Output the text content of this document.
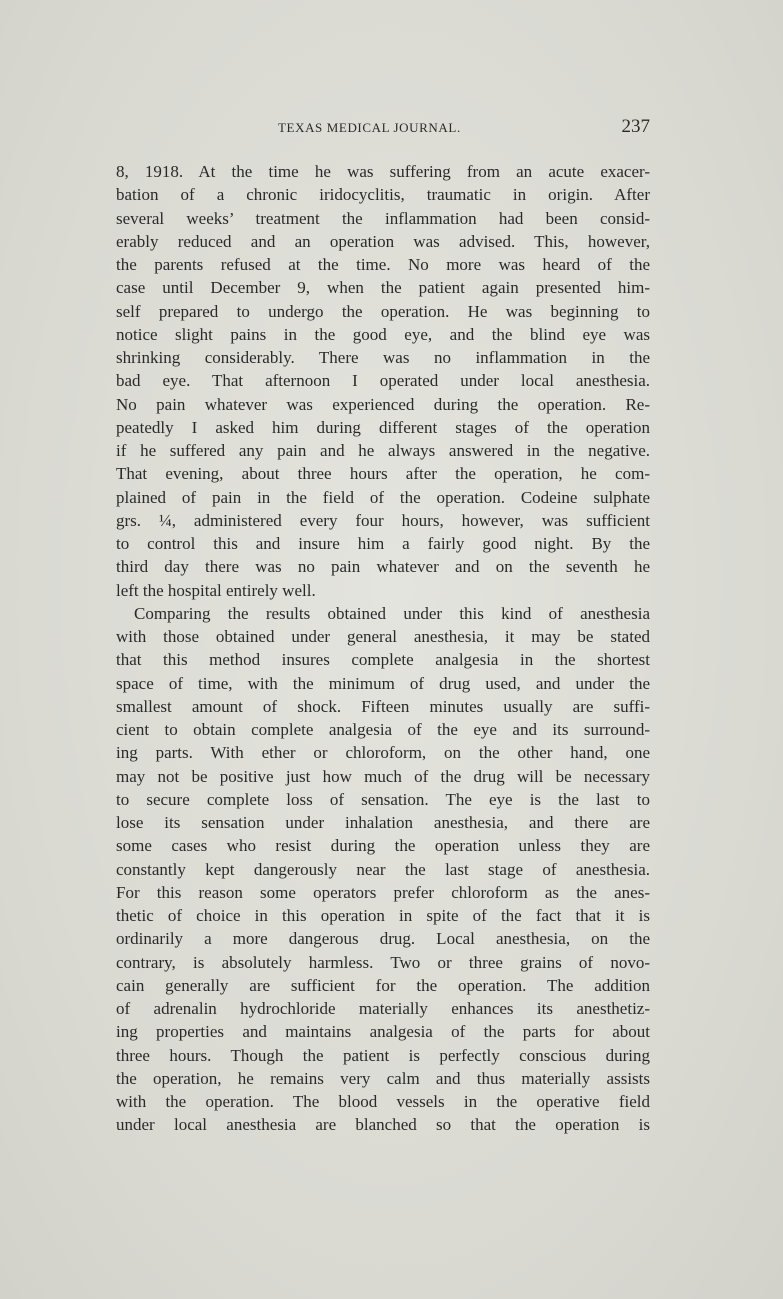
TEXAS MEDICAL JOURNAL.	237
8, 1918. At the time he was suffering from an acute exacer-
bation of a chronic iridocyclitis, traumatic in origin. After
several weeks’ treatment the inflammation had been consid-
erably reduced and an operation was advised. This, however,
the parents refused at the time. No more was heard of the
case until December 9, when the patient again presented him-
self prepared to undergo the operation. He was beginning to
notice slight pains in the good eye, and the blind eye was
shrinking considerably. There was no inflammation in the
bad eye. That afternoon I operated under local anesthesia.
No pain whatever was experienced during the operation. Re-
peatedly I asked him during different stages of the operation
if he suffered any pain and he always answered in the negative.
That evening, about three hours after the operation, he com-
plained of pain in the field of the operation. Codeine sulphate
grs. ¼, administered every four hours, however, was sufficient
to control this and insure him a fairly good night. By the
third day there was no pain whatever and on the seventh he
left the hospital entirely well.
Comparing the results obtained under this kind of anesthesia
with those obtained under general anesthesia, it may be stated
that this method insures complete analgesia in the shortest
space of time, with the minimum of drug used, and under the
smallest amount of shock. Fifteen minutes usually are suffi-
cient to obtain complete analgesia of the eye and its surround-
ing parts. With ether or chloroform, on the other hand, one
may not be positive just how much of the drug will be necessary
to secure complete loss of sensation. The eye is the last to
lose its sensation under inhalation anesthesia, and there are
some cases who resist during the operation unless they are
constantly kept dangerously near the last stage of anesthesia.
For this reason some operators prefer chloroform as the anes-
thetic of choice in this operation in spite of the fact that it is
ordinarily a more dangerous drug. Local anesthesia, on the
contrary, is absolutely harmless. Two or three grains of novo-
cain generally are sufficient for the operation. The addition
of adrenalin hydrochloride materially enhances its anesthetiz-
ing properties and maintains analgesia of the parts for about
three hours. Though the patient is perfectly conscious during
the operation, he remains very calm and thus materially assists
with the operation. The blood vessels in the operative field
under local anesthesia are blanched so that the operation is
